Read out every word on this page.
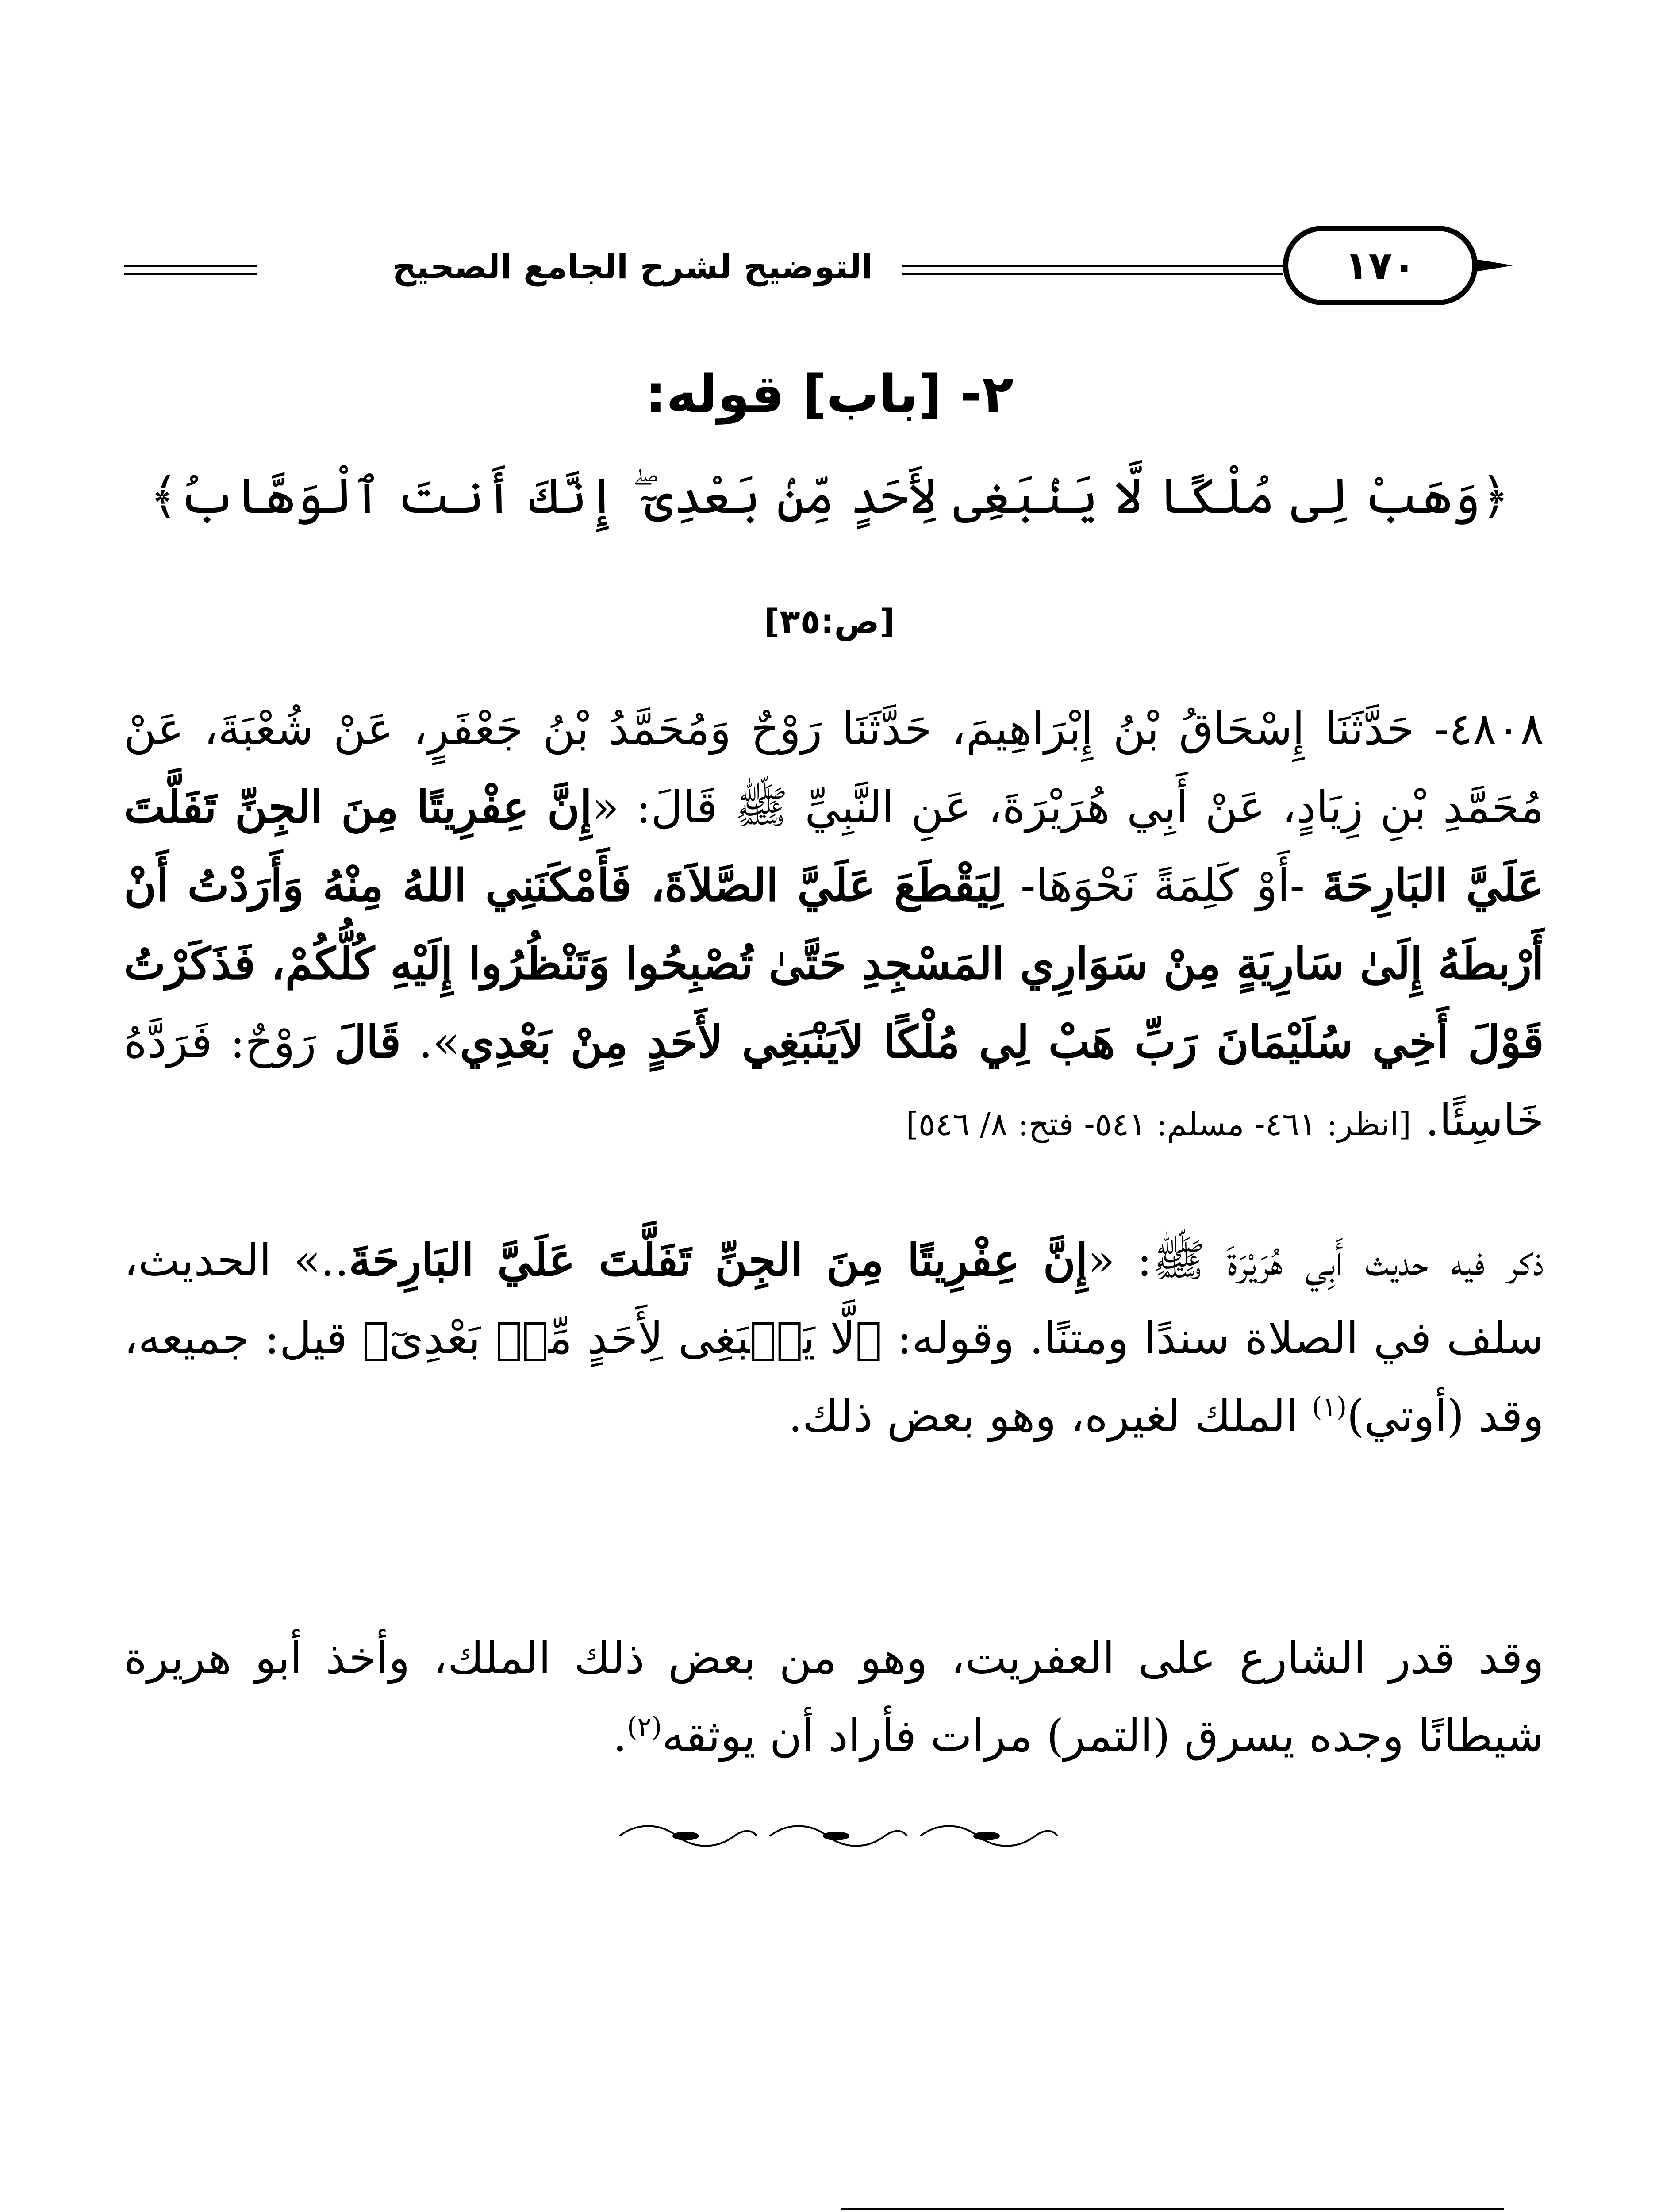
التوضيح لشرح الجامع الصحيح	١٧٠
٢- [باب] قوله:
﴿وَهَبْ لِى مُلْكًا لَّا يَنۢبَغِى لِأَحَدٍ مِّنۢ بَعْدِىٓ ۖ إِنَّكَ أَنتَ ٱلْوَهَّابُ﴾
[ص:٣٥]
٤٨٠٨- حَدَّثَنَا إِسْحَاقُ بْنُ إِبْرَاهِيمَ، حَدَّثَنَا رَوْحٌ وَمُحَمَّدُ بْنُ جَعْفَرٍ، عَنْ شُعْبَةَ، عَنْ مُحَمَّدِ بْنِ زِيَادٍ، عَنْ أَبِي هُرَيْرَةَ، عَنِ النَّبِيِّ ﷺ قَالَ: «إِنَّ عِفْرِيتًا مِنَ الجِنِّ تَفَلَّتَ عَلَيَّ البَارِحَةَ -أَوْ كَلِمَةً نَحْوَهَا- لِيَقْطَعَ عَلَيَّ الصَّلاَةَ، فَأَمْكَنَنِي اللهُ مِنْهُ وَأَرَدْتُ أَنْ أَرْبطَهُ إِلَىٰ سَارِيَةٍ مِنْ سَوَارِي المَسْجِدِ حَتَّىٰ تُصْبِحُوا وَتَنْظُرُوا إِلَيْهِ كُلُّكُمْ، فَذَكَرْتُ قَوْلَ أَخِي سُلَيْمَانَ رَبِّ هَبْ لِي مُلْكًا لاَيَنْبَغِي لأَحَدٍ مِنْ بَعْدِي». قَالَ رَوْحٌ: فَرَدَّهُ خَاسِئًا. [انظر: ٤٦١- مسلم: ٥٤١- فتح: ٨/ ٥٤٦]
ذكر فيه حديث أَبِي هُرَيْرَةَ ﷺ: «إِنَّ عِفْرِيتًا مِنَ الجِنِّ تَفَلَّتَ عَلَيَّ البَارِحَةَ..» الحديث، سلف في الصلاة سندًا ومتنًا. وقوله: ﴿لَّا يَنۢبَغِى لِأَحَدٍ مِّنۢ بَعْدِىٓ﴾ قيل: جميعه، وقد (أوتي)$^{(١)}$ الملك لغيره، وهو بعض ذلك.
وقد قدر الشارع على العفريت، وهو من بعض ذلك الملك، وأخذ أبو هريرة شيطانًا وجده يسرق (التمر) مرات فأراد أن يوثقه$^{(٢)}$.
